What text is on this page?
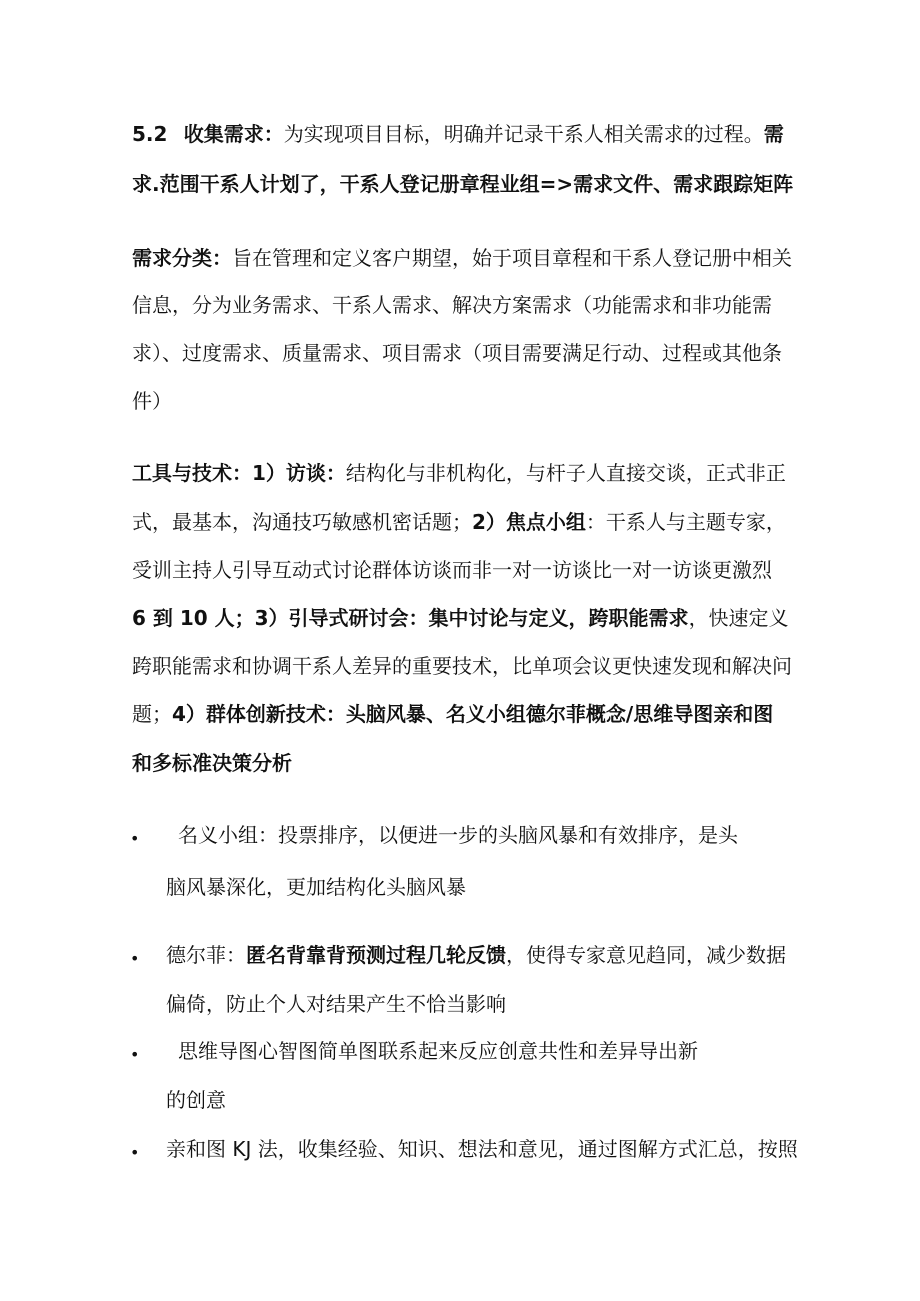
5.2 收集需求：为实现项目目标，明确并记录干系人相关需求的过程。需
求.范围干系人计划了，干系人登记册章程业组=>需求文件、需求跟踪矩阵
需求分类：旨在管理和定义客户期望，始于项目章程和干系人登记册中相关
信息，分为业务需求、干系人需求、解决方案需求（功能需求和非功能需
求）、过度需求、质量需求、项目需求（项目需要满足行动、过程或其他条
件）
工具与技术：1）访谈：结构化与非机构化，与杆子人直接交谈，正式非正
式，最基本，沟通技巧敏感机密话题；2）焦点小组：干系人与主题专家，
受训主持人引导互动式讨论群体访谈而非一对一访谈比一对一访谈更激烈
6 到 10 人；3）引导式研讨会：集中讨论与定义，跨职能需求，快速定义
跨职能需求和协调干系人差异的重要技术，比单项会议更快速发现和解决问
题；4）群体创新技术：头脑风暴、名义小组德尔菲概念/思维导图亲和图
和多标准决策分析
• 名义小组：投票排序，以便进一步的头脑风暴和有效排序，是头
脑风暴深化，更加结构化头脑风暴
• 德尔菲：匿名背靠背预测过程几轮反馈，使得专家意见趋同，减少数据
偏倚，防止个人对结果产生不恰当影响
• 思维导图心智图简单图联系起来反应创意共性和差异导出新
的创意
• 亲和图 KJ 法，收集经验、知识、想法和意见，通过图解方式汇总，按照
